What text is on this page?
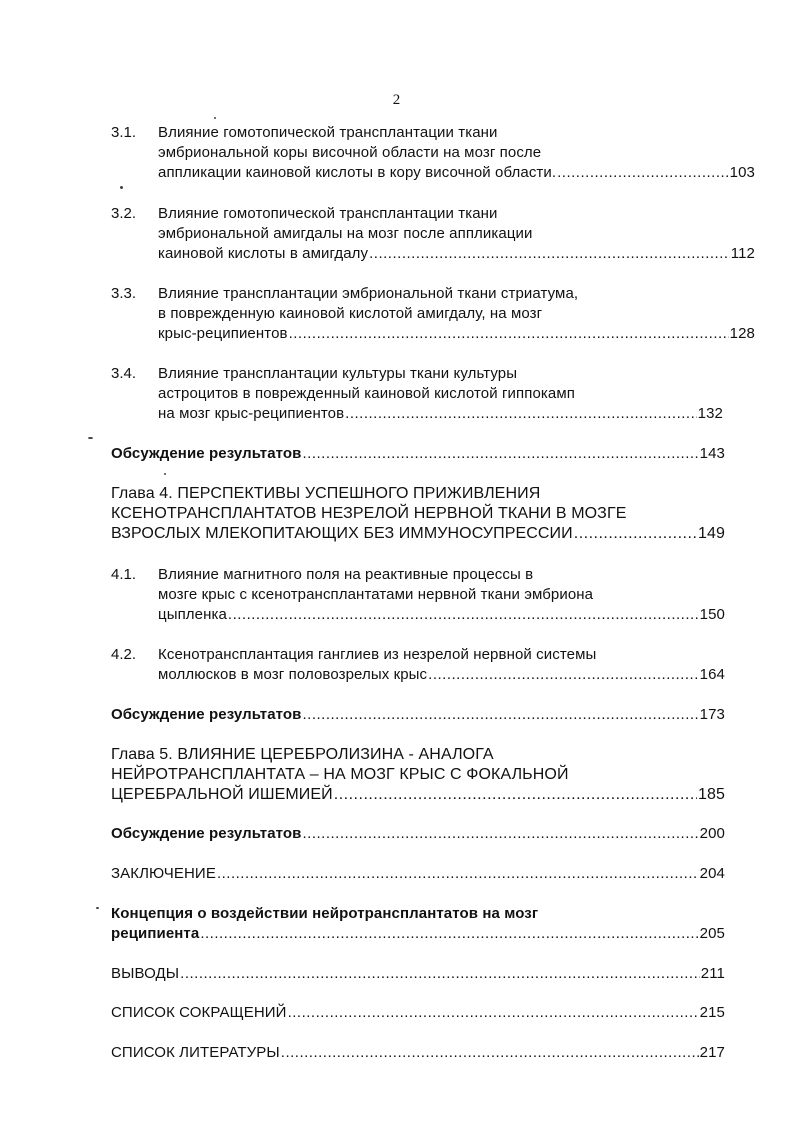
2
3.1. Влияние гомотопической трансплантации ткани
эмбриональной коры височной области на мозг после
аппликации каиновой кислоты в кору височной области. .....	103
3.2. Влияние гомотопической трансплантации ткани
эмбриональной амигдалы на мозг после аппликации
каиновой кислоты в амигдалу .....	112
3.3. Влияние трансплантации эмбриональной ткани стриатума,
в поврежденную каиновой кислотой амигдалу, на мозг
крыс-реципиентов .....	128
3.4. Влияние трансплантации культуры ткани культуры
астроцитов в поврежденный каиновой кислотой гиппокамп
на мозг крыс-реципиентов .....	132
Обсуждение результатов .....	143
Глава 4. ПЕРСПЕКТИВЫ УСПЕШНОГО ПРИЖИВЛЕНИЯ
КСЕНОТРАНСПЛАНТАТОВ НЕЗРЕЛОЙ НЕРВНОЙ ТКАНИ В МОЗГЕ
ВЗРОСЛЫХ МЛЕКОПИТАЮЩИХ БЕЗ ИММУНОСУПРЕССИИ .....	149
4.1. Влияние магнитного поля на реактивные процессы в
мозге крыс с ксенотрансплантатами нервной ткани эмбриона
цыпленка .....	150
4.2. Ксенотрансплантация ганглиев из незрелой нервной системы
моллюсков в мозг половозрелых крыс .....	164
Обсуждение результатов .....	173
Глава 5. ВЛИЯНИЕ ЦЕРЕБРОЛИЗИНА - АНАЛОГА
НЕЙРОТРАНСПЛАНТАТА – НА МОЗГ КРЫС С ФОКАЛЬНОЙ
ЦЕРЕБРАЛЬНОЙ ИШЕМИЕЙ .....	185
Обсуждение результатов .....	200
ЗАКЛЮЧЕНИЕ .....	204
Концепция о воздействии нейротрансплантатов на мозг
реципиента .....	205
ВЫВОДЫ .....	211
СПИСОК СОКРАЩЕНИЙ .....	215
СПИСОК ЛИТЕРАТУРЫ .....	217
